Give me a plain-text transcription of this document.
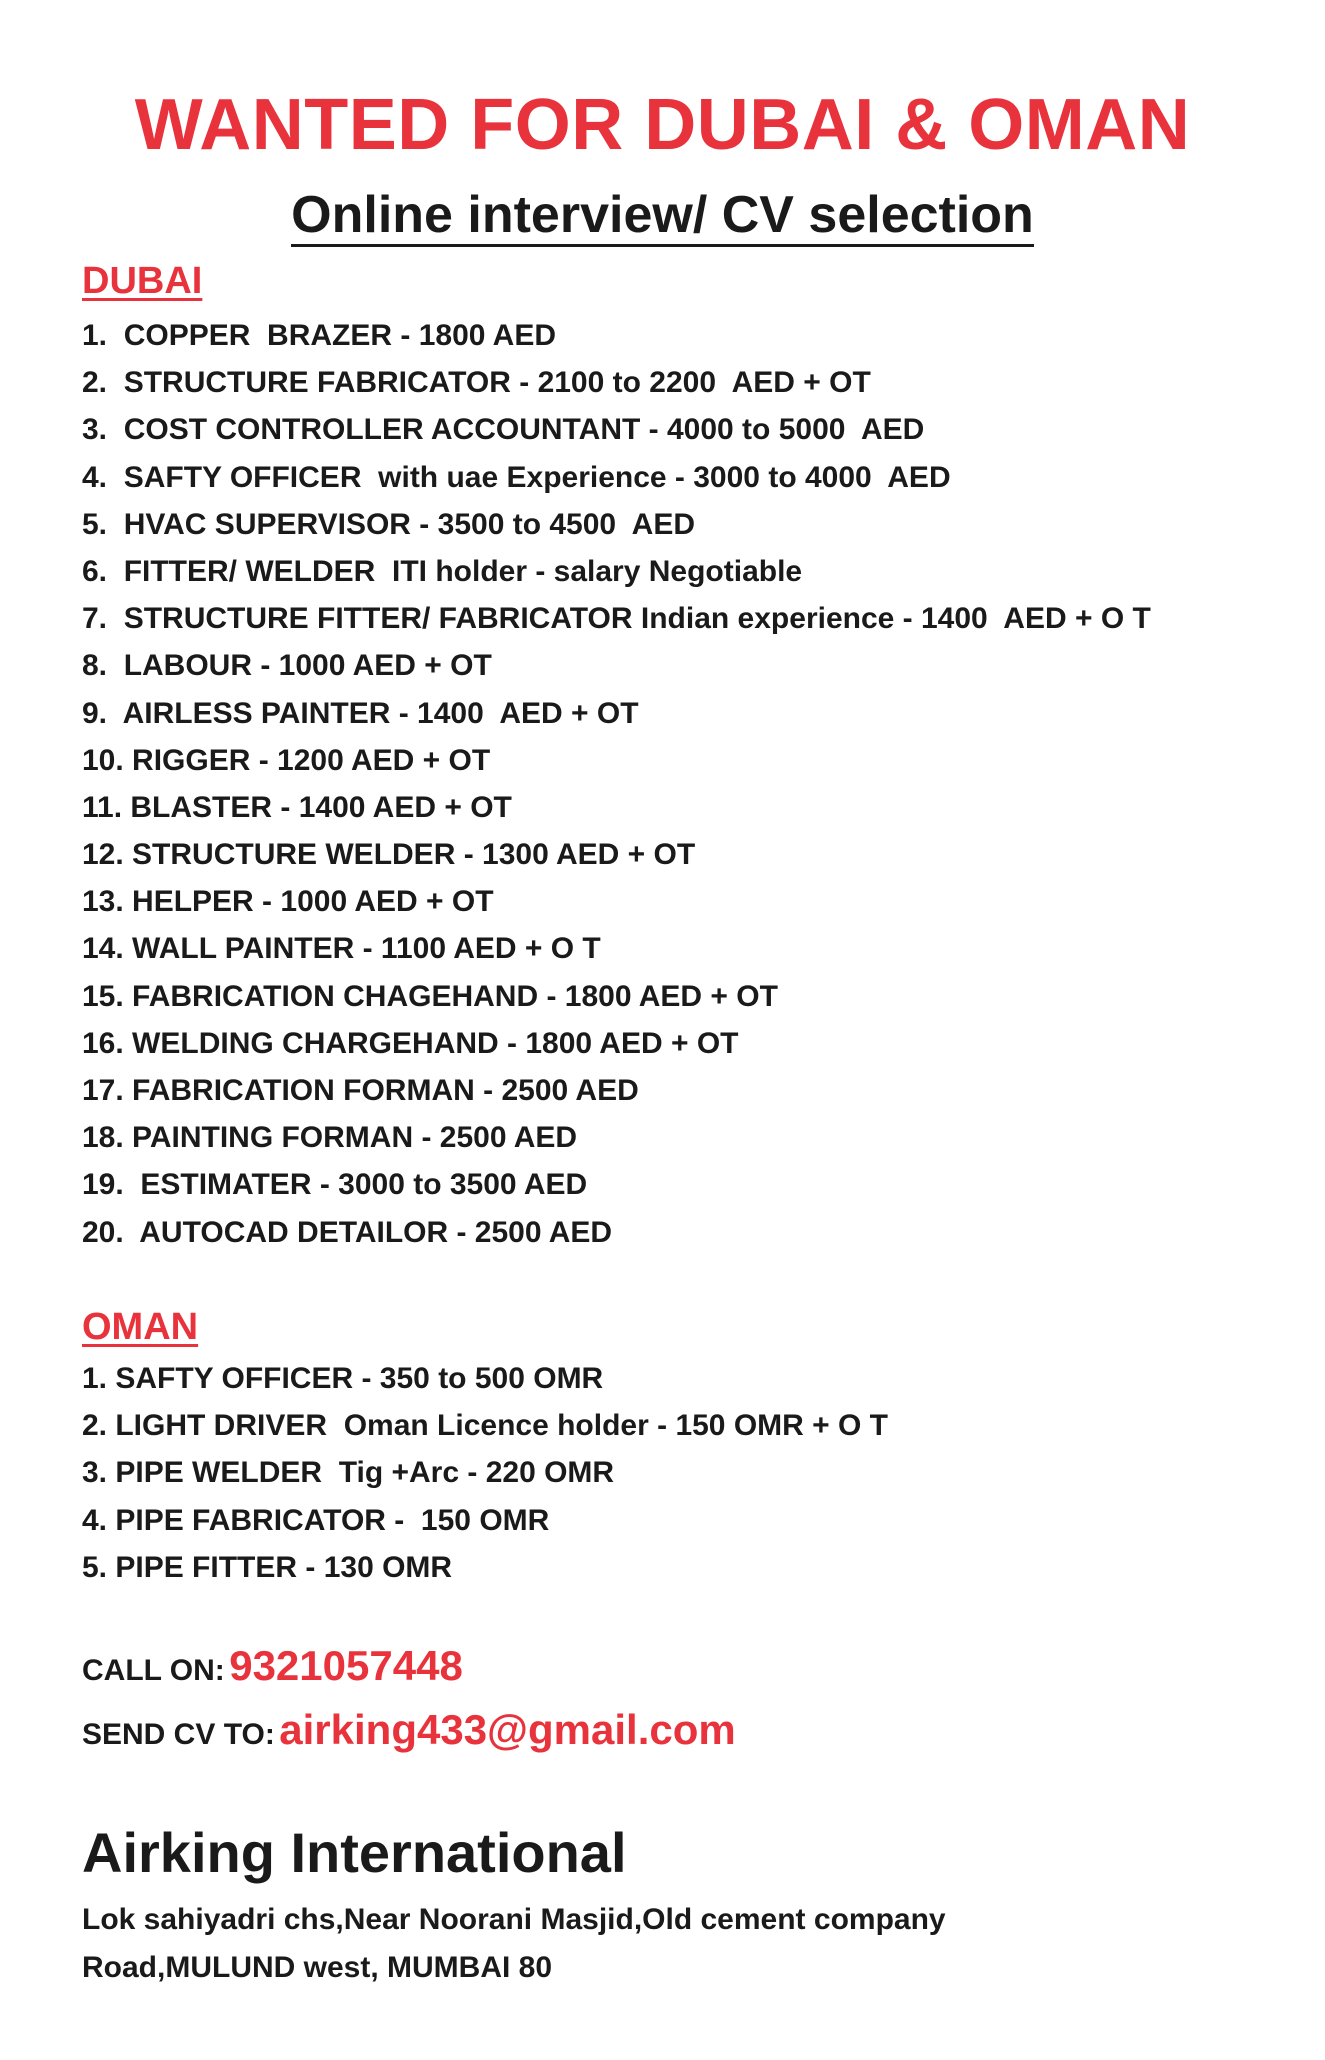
WANTED FOR DUBAI & OMAN
Online interview/ CV selection
DUBAI
1.  COPPER  BRAZER - 1800 AED
2.  STRUCTURE FABRICATOR - 2100 to 2200  AED + OT
3.  COST CONTROLLER ACCOUNTANT - 4000 to 5000  AED
4.  SAFTY OFFICER  with uae Experience - 3000 to 4000  AED
5.  HVAC SUPERVISOR - 3500 to 4500  AED
6.  FITTER/ WELDER  ITI holder - salary Negotiable
7.  STRUCTURE FITTER/ FABRICATOR Indian experience - 1400  AED + O T
8.  LABOUR - 1000 AED + OT
9.  AIRLESS PAINTER - 1400  AED + OT
10. RIGGER - 1200 AED + OT
11. BLASTER - 1400 AED + OT
12. STRUCTURE WELDER - 1300 AED + OT
13. HELPER - 1000 AED + OT
14. WALL PAINTER - 1100 AED + O T
15. FABRICATION CHAGEHAND - 1800 AED + OT
16. WELDING CHARGEHAND - 1800 AED + OT
17. FABRICATION FORMAN - 2500 AED
18. PAINTING FORMAN - 2500 AED
19.  ESTIMATER - 3000 to 3500 AED
20.  AUTOCAD DETAILOR - 2500 AED
OMAN
1. SAFTY OFFICER - 350 to 500 OMR
2. LIGHT DRIVER  Oman Licence holder - 150 OMR + O T
3. PIPE WELDER  Tig +Arc - 220 OMR
4. PIPE FABRICATOR -  150 OMR
5. PIPE FITTER - 130 OMR
CALL ON: 9321057448
SEND CV TO: airking433@gmail.com
Airking International
Lok sahiyadri chs,Near Noorani Masjid,Old cement company
Road,MULUND west, MUMBAI 80
